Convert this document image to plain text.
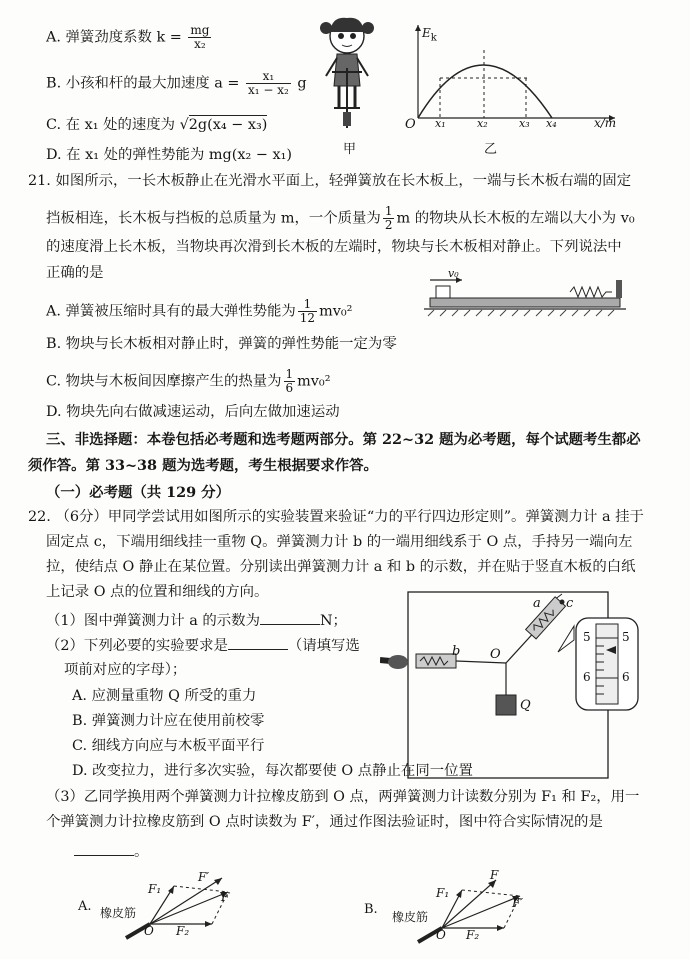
A. 弹簧劲度系数 $k = \frac{mg}{\text{x₂}}$
B. 小孩和杆的最大加速度 $a = \frac{\text{x₁}}{\text{x₁ − x₂}}$ g
C. 在 x₁ 处的速度为 √2g(x₄ − x₃)
D. 在 x₁ 处的弹性势能为 mg(x₂ − x₁)	甲
$E_k$
O x₁	x₂	x₃ x₄	x/m
乙
21. 如图所示，一长木板静止在光滑水平面上，轻弹簧放在长木板上，一端与长木板右端的固定
挡板相连，长木板与挡板的总质量为 m，一个质量为 $\frac{1}{2}$ m 的物块从长木板的左端以大小为 v₀
的速度滑上长木板，当物块再次滑到长木板的左端时，物块与长木板相对静止。下列说法中
正确的是	v₀
A. 弹簧被压缩时具有的最大弹性势能为 $\frac{1}{12} mv_0^2$
B. 物块与长木板相对静止时，弹簧的弹性势能一定为零
C. 物块与木板间因摩擦产生的热量为 $\frac{1}{6} mv_0^2$
D. 物块先向右做减速运动，后向左做加速运动
三、非选择题：本卷包括必考题和选考题两部分。第 22~32 题为必考题，每个试题考生都必
须作答。第 33~38 题为选考题，考生根据要求作答。
（一）必考题（共 129 分）
22. （6分）甲同学尝试用如图所示的实验装置来验证“力的平行四边形定则”。弹簧测力计 a 挂于
固定点 c，下端用细线挂一重物 Q。弹簧测力计 b 的一端用细线系于 O 点，手持另一端向左
拉，使结点 O 静止在某位置。分别读出弹簧测力计 a 和 b 的示数，并在贴于竖直木板的白纸
上记录 O 点的位置和细线的方向。
（1）图中弹簧测力计 a 的示数为	N；
（2）下列必要的实验要求是	（请填写选
项前对应的字母）；
A. 应测量重物 Q 所受的重力
B. 弹簧测力计应在使用前校零
C. 细线方向应与木板平面平行
D. 改变拉力，进行多次实验，每次都要使 O 点静止在同一位置
（3）乙同学换用两个弹簧测力计拉橡皮筋到 O 点，两弹簧测力计读数分别为 F₁ 和 F₂，用一
个弹簧测力计拉橡皮筋到 O 点时读数为 F′，通过作图法验证时，图中符合实际情况的是
。
a c
b O
Q
5	5
6	6
A. 橡皮筋
O
F₁
F₂
F′
F
B. 橡皮筋
O
F₁
F₂
F
F′
